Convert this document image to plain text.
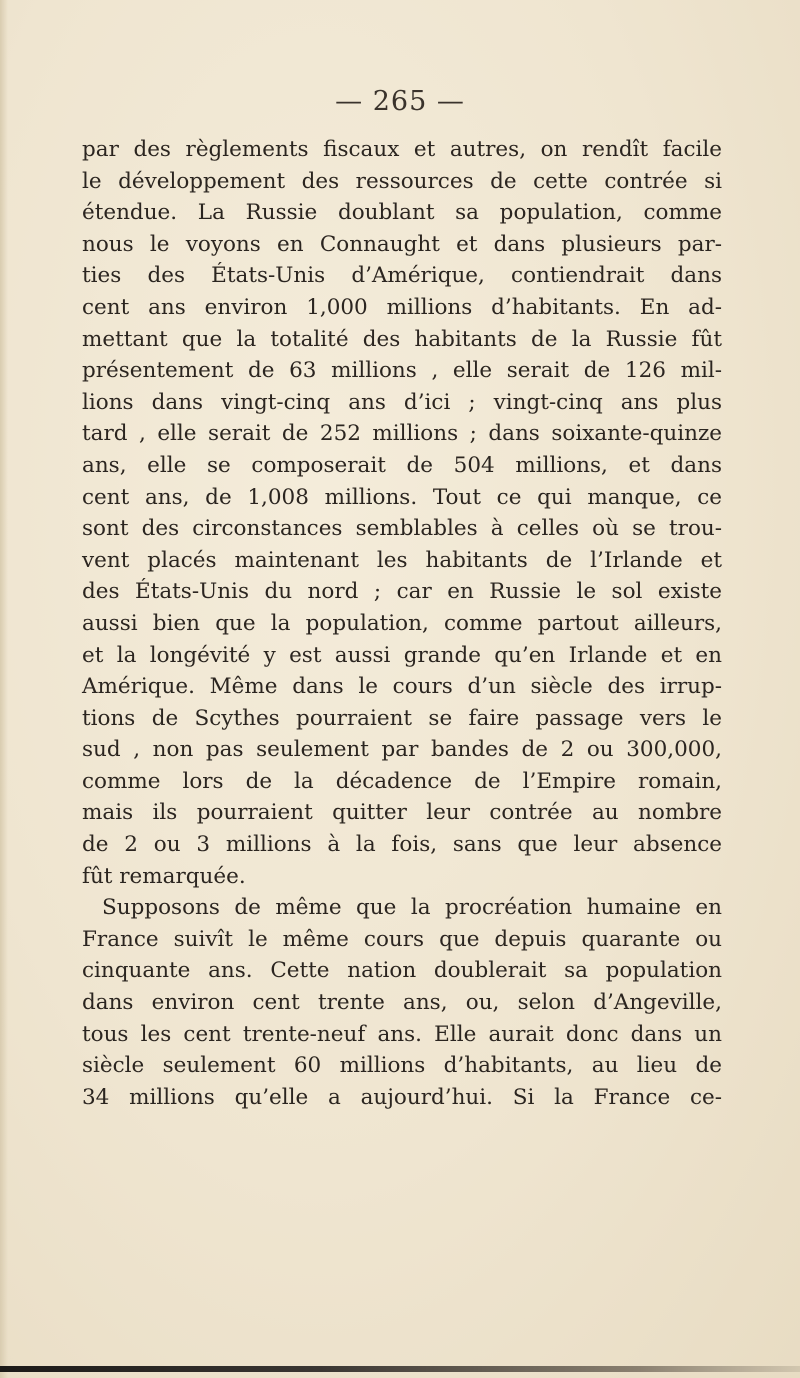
— 265 —
par des règlements fiscaux et autres, on rendît facile
le développement des ressources de cette contrée si
étendue. La Russie doublant sa population, comme
nous le voyons en Connaught et dans plusieurs par-
ties des États-Unis d’Amérique, contiendrait dans
cent ans environ 1,000 millions d’habitants. En ad-
mettant que la totalité des habitants de la Russie fût
présentement de 63 millions , elle serait de 126 mil-
lions dans vingt-cinq ans d’ici ; vingt-cinq ans plus
tard , elle serait de 252 millions ; dans soixante-quinze
ans, elle se composerait de 504 millions, et dans
cent ans, de 1,008 millions. Tout ce qui manque, ce
sont des circonstances semblables à celles où se trou-
vent placés maintenant les habitants de l’Irlande et
des États-Unis du nord ; car en Russie le sol existe
aussi bien que la population, comme partout ailleurs,
et la longévité y est aussi grande qu’en Irlande et en
Amérique. Même dans le cours d’un siècle des irrup-
tions de Scythes pourraient se faire passage vers le
sud , non pas seulement par bandes de 2 ou 300,000,
comme lors de la décadence de l’Empire romain,
mais ils pourraient quitter leur contrée au nombre
de 2 ou 3 millions à la fois, sans que leur absence
fût remarquée.
Supposons de même que la procréation humaine en
France suivît le même cours que depuis quarante ou
cinquante ans. Cette nation doublerait sa population
dans environ cent trente ans, ou, selon d’Angeville,
tous les cent trente-neuf ans. Elle aurait donc dans un
siècle seulement 60 millions d’habitants, au lieu de
34 millions qu’elle a aujourd’hui. Si la France ce-
